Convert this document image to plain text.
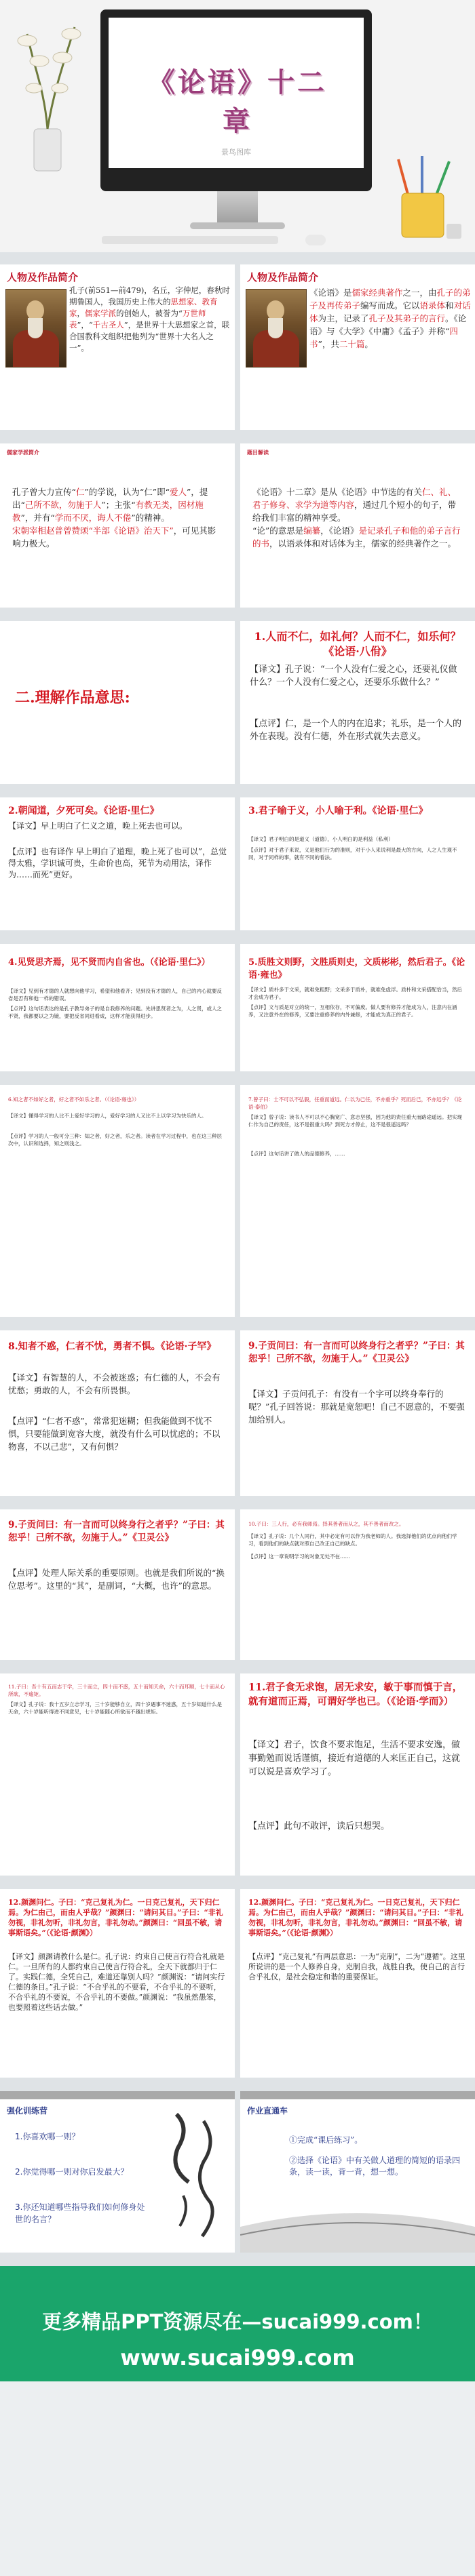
《论语》十二章
景鸟图库
人物及作品简介
孔子(前551—前479)，名丘，字仲尼，春秋时期鲁国人，我国历史上伟大的思想家、教育家，儒家学派的创始人，被誉为“万世师表”，“千古圣人”，是世界十大思想家之首，联合国教科文组织把他列为“世界十大名人之一”。
人物及作品简介
《论语》是儒家经典著作之一，由孔子的弟子及再传弟子编写而成。它以语录体和对话体为主，记录了孔子及其弟子的言行。《论语》与《大学》《中庸》《孟子》并称“四书”，共二十篇。
儒家学派简介
孔子曾大力宣传“仁”的学说，认为“仁”即“爱人”，提出“己所不欲，勿施于人”；主张“有教无类，因材施教”，并有“学而不厌，诲人不倦”的精神。
宋朝宰相赵普曾赞颂“半部《论语》治天下”，可见其影响力极大。
题目解读
《论语》十二章》是从《论语》中节选的有关仁、礼、君子修身、求学为道等内容，通过几个短小的句子，带给我们丰富的精神享受。
“论”的意思是编纂，《论语》是记录孔子和他的弟子言行的书，以语录体和对话体为主，儒家的经典著作之一。
二.理解作品意思:
1.人而不仁，如礼何？人而不仁，如乐何？《论语·八佾》
【译文】孔子说：“一个人没有仁爱之心，还要礼仪做什么？一个人没有仁爱之心，还要乐乐做什么？”
【点评】仁，是一个人的内在追求；礼乐，是一个人的外在表现。没有仁德，外在形式就失去意义。
2.朝闻道，夕死可矣。《论语·里仁》
【译文】早上明白了仁义之道，晚上死去也可以。
【点评】也有译作 早上明白了道理，晚上死了也可以”，总觉得太雅，学识诚可贵，生命价也高，死节为动用法，译作 为……而死”更好。
3.君子喻于义，小人喻于利。《论语·里仁》
【译文】君子明白的是道义（道德），小人明白的是利益（私利）
【点评】对于君子来说，义是他们行为的准则，对于小人来说利是最大的方向，人之人生观不同，对于同样的事，就有不同的看法。
4.见贤思齐焉，见不贤而内自省也。（《论语·里仁》）
【译文】见到有才德的人就想向他学习，希望和他看齐；见到没有才德的人，自己的内心就要反省是否有和他一样的错误。
【点评】这句话表达的是孔子教导弟子的是自我修养的问题。先讲思贤者之为，人之贤，或人之不贤，我都要以之为镜，要把反省同进看成，这样才能获得进步。
5.质胜文则野，文胜质则史，文质彬彬，然后君子。《论语·雍也》
【译文】质朴多于文采，就难免粗野；文采多于质朴，就难免虚浮。质朴和文采搭配恰当，然后才会成为君子。
【点评】文与质是对立的统一，互相依存，不可偏废。做人要有修养才能成为人，注意内在涵养，又注意外在的修养，又要注重修养的内外兼修，才能成为真正的君子。
6.知之者不如好之者，好之者不如乐之者。（《论语·雍也》）
【译文】懂得学习的人比不上爱好学习的人，爱好学习的人又比不上以学习为快乐的人。
【点评】学习的人一般可分三种：知之者，好之者，乐之者。读者在学习过程中，也在这三种层次中，认识和选择，知之则浅之。
7.曾子曰：士不可以不弘毅，任重而道远。仁以为己任，不亦重乎？死而后已，不亦远乎？《论语·泰伯》
【译文】曾子说：读书人不可以不心胸宽广、意志坚强，因为他的责任重大而路途遥远。把实现仁作为自己的责任，这不是很重大吗？到死方才停止，这不是很遥远吗？
【点评】这句话讲了做人的品德修养，……
8.知者不惑，仁者不忧，勇者不惧。《论语·子罕》
【译文】有智慧的人，不会被迷惑；有仁德的人，不会有忧愁；勇敢的人，不会有所畏惧。
【点评】“仁者不惑”，常常犯迷糊；但我能做到不忧不惧，只要能做到宽容大度，就没有什么可以忧虑的；不以物喜，不以己悲”，又有何惧？
9.子贡问曰：有一言而可以终身行之者乎？”子曰：其恕乎！己所不欲，勿施于人。”《卫灵公》
【译文】子贡问孔子：有没有一个字可以终身奉行的呢？”孔子回答说：那就是宽恕吧！自己不愿意的，不要强加给别人。
9.子贡问曰：有一言而可以终身行之者乎？”子曰：其恕乎！己所不欲，勿施于人。”《卫灵公》
【点评】处理人际关系的重要原则。也就是我们所说的“换位思考”。这里的“其”，是副词，“大概，也许”的意思。
10.子曰：三人行，必有我师焉。择其善者而从之，其不善者而改之。
【译文】孔子说：几个人同行，其中必定有可以作为我老师的人。我选择他们的优点向他们学习，看到他们的缺点就对照自己改正自己的缺点。
【点评】这一章说明学习的对象无处不在……
11.子曰：吾十有五而志于学，三十而立，四十而不惑，五十而知天命，六十而耳顺，七十而从心所欲，不逾矩。
【译文】孔子说：我十五岁立志学习，三十岁能够自立，四十岁遇事不迷惑，五十岁知道什么是天命，六十岁能听得进不同意见，七十岁能随心所欲而不越出规矩。
11.君子食无求饱，居无求安，敏于事而慎于言，就有道而正焉，可谓好学也已。（《论语·学而》）
【译文】君子，饮食不要求饱足，生活不要求安逸，做事勤勉而说话谨慎，接近有道德的人来匡正自己，这就可以说是喜欢学习了。
【点评】此句不敢评，读后只想哭。
12.颜渊问仁。子曰：“克己复礼为仁。一日克己复礼，天下归仁焉。为仁由己，而由人乎哉？”颜渊曰：“请问其目。”子曰：“非礼勿视，非礼勿听，非礼勿言，非礼勿动。”颜渊曰：“回虽不敏，请事斯语矣。”（《论语·颜渊》）
【译文】颜渊请教什么是仁。孔子说：约束自己使言行符合礼就是仁。一旦所有的人都约束自己使言行符合礼，全天下就都归于仁了。实践仁德，全凭自己，难道还靠别人吗？”颜渊说：“请问实行仁德的条目。”孔子说：“不合乎礼的不要看，不合乎礼的不要听，不合乎礼的不要说，不合乎礼的不要做。”颜渊说：“我虽然愚笨，也要照着这些话去做。”
12.颜渊问仁。子曰：“克己复礼为仁。一日克己复礼，天下归仁焉。为仁由己，而由人乎哉？”颜渊曰：“请问其目。”子曰：“非礼勿视，非礼勿听，非礼勿言，非礼勿动。”颜渊曰：“回虽不敏，请事斯语矣。”（《论语·颜渊》）
【点评】“克己复礼”有两层意思：一为“克制”，二为“遵循”。这里所说讲的是一个人修养自身，克制自我，战胜自我，使自己的言行合乎礼仪，是社会稳定和谐的重要保证。
强化训练营
1.你喜欢哪一则？
2.你觉得哪一则对你启发最大？
3.你还知道哪些指导我们如何修身处世的名言？
作业直通车
①完成“课后练习”。
②选择《论语》中有关做人道理的简短的语录四条，读一读，背一背，想一想。
更多精品PPT资源尽在—sucai999.com！
www.sucai999.com
